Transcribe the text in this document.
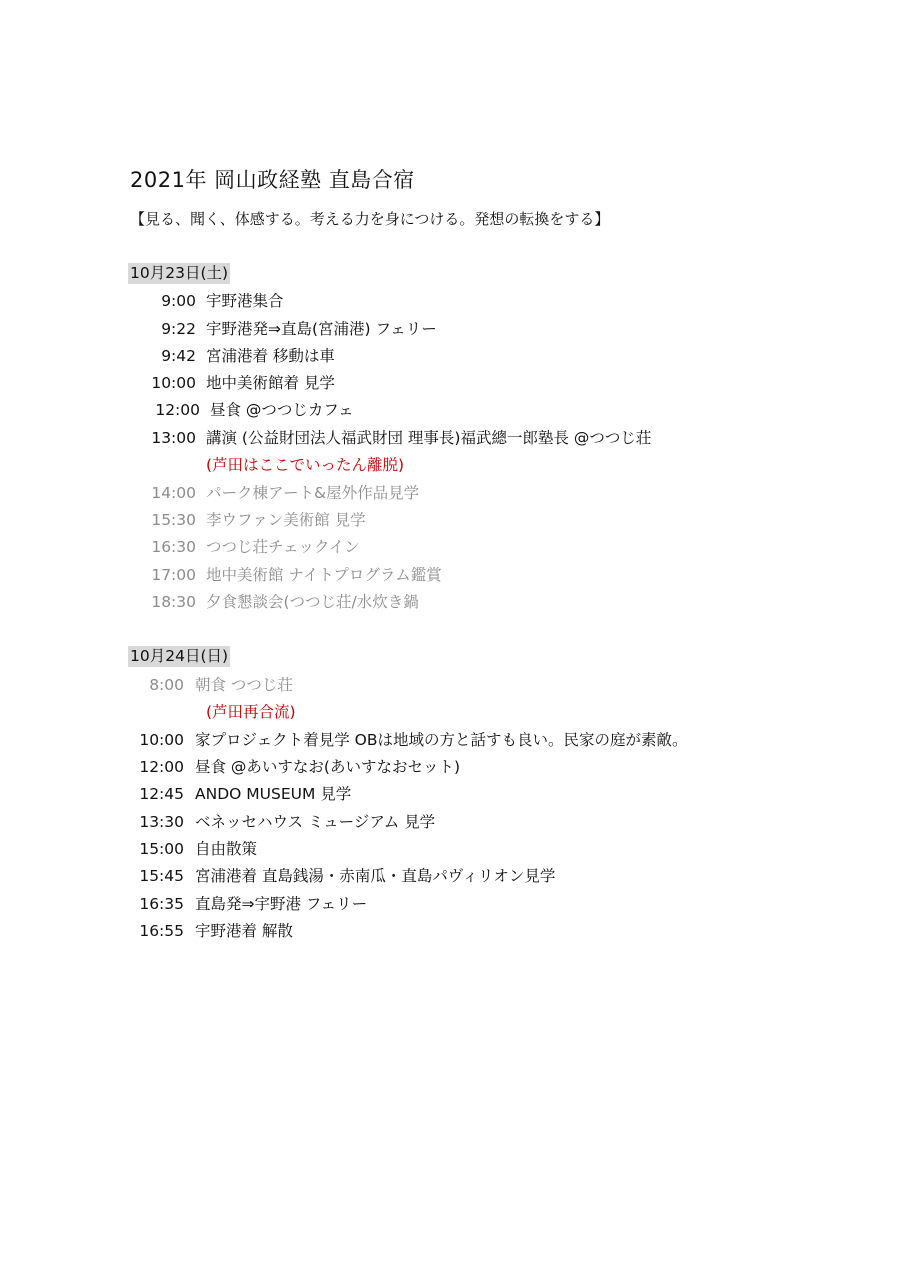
2021年 岡山政経塾 直島合宿
【見る、聞く、体感する。考える力を身につける。発想の転換をする】
10月23日(土)
9:00 宇野港集合
9:22 宇野港発⇒直島(宮浦港) フェリー
9:42 宮浦港着 移動は車
10:00 地中美術館着 見学
12:00 昼食 @つつじカフェ
13:00 講演 (公益財団法人福武財団 理事長)福武總一郎塾長 @つつじ荘
(芦田はここでいったん離脱)
14:00 パーク棟アート&屋外作品見学
15:30 李ウファン美術館 見学
16:30 つつじ荘チェックイン
17:00 地中美術館 ナイトプログラム鑑賞
18:30 夕食懇談会(つつじ荘/水炊き鍋
10月24日(日)
8:00 朝食 つつじ荘
(芦田再合流)
10:00 家プロジェクト着見学 OBは地域の方と話すも良い。民家の庭が素敵。
12:00 昼食 @あいすなお(あいすなおセット)
12:45 ANDO MUSEUM 見学
13:30 ベネッセハウス ミュージアム 見学
15:00 自由散策
15:45 宮浦港着 直島銭湯・赤南瓜・直島パヴィリオン見学
16:35 直島発⇒宇野港 フェリー
16:55 宇野港着 解散
